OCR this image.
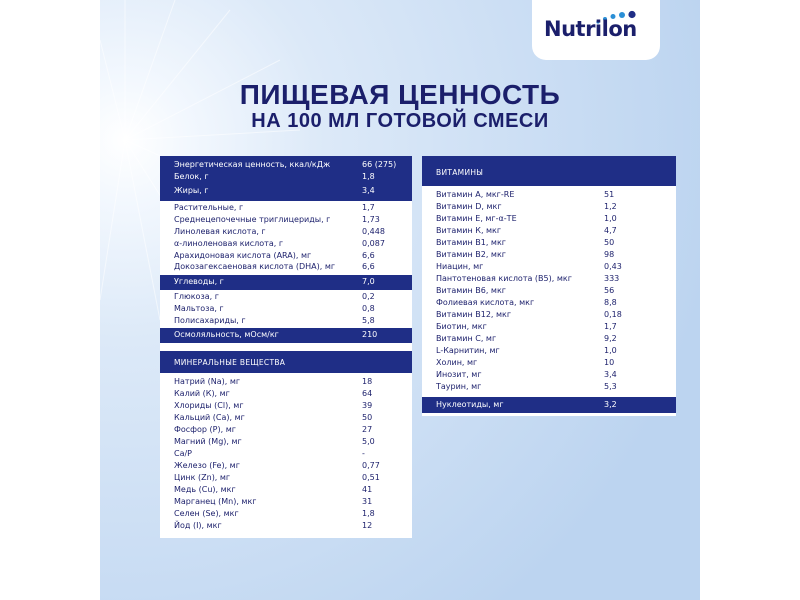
Nutrilon
ПИЩЕВАЯ ЦЕННОСТЬ
НА 100 МЛ ГОТОВОЙ СМЕСИ
МИНЕРАЛЬНЫЕ ВЕЩЕСТВА
Энергетическая ценность, ккал/кДж	66 (275)
Белок, г	1,8
Жиры, г	3,4
Растительные, г	1,7
Среднецепочечные триглицериды, г	1,73
Линолевая кислота, г	0,448
α-линоленовая кислота, г	0,087
Арахидоновая кислота (ARA), мг	6,6
Докозагексаеновая кислота (DHA), мг	6,6
Углеводы, г	7,0
Глюкоза, г	0,2
Мальтоза, г	0,8
Полисахариды, г	5,8
Осмоляльность, мОсм/кг	210
Натрий (Na), мг	18
Калий (К), мг	64
Хлориды (Cl), мг	39
Кальций (Са), мг	50
Фосфор (Р), мг	27
Магний (Mg), мг	5,0
Ca/P	-
Железо (Fe), мг	0,77
Цинк (Zn), мг	0,51
Медь (Cu), мкг	41
Марганец (Mn), мкг	31
Селен (Se), мкг	1,8
Йод (I), мкг	12
ВИТАМИНЫ
Витамин А, мкг-RE	51
Витамин D, мкг	1,2
Витамин Е, мг-α-ТЕ	1,0
Витамин К, мкг	4,7
Витамин В1, мкг	50
Витамин В2, мкг	98
Ниацин, мг	0,43
Пантотеновая кислота (B5), мкг	333
Витамин В6, мкг	56
Фолиевая кислота, мкг	8,8
Витамин В12, мкг	0,18
Биотин, мкг	1,7
Витамин С, мг	9,2
L-Карнитин, мг	1,0
Холин, мг	10
Инозит, мг	3,4
Таурин, мг	5,3
Нуклеотиды, мг	3,2
